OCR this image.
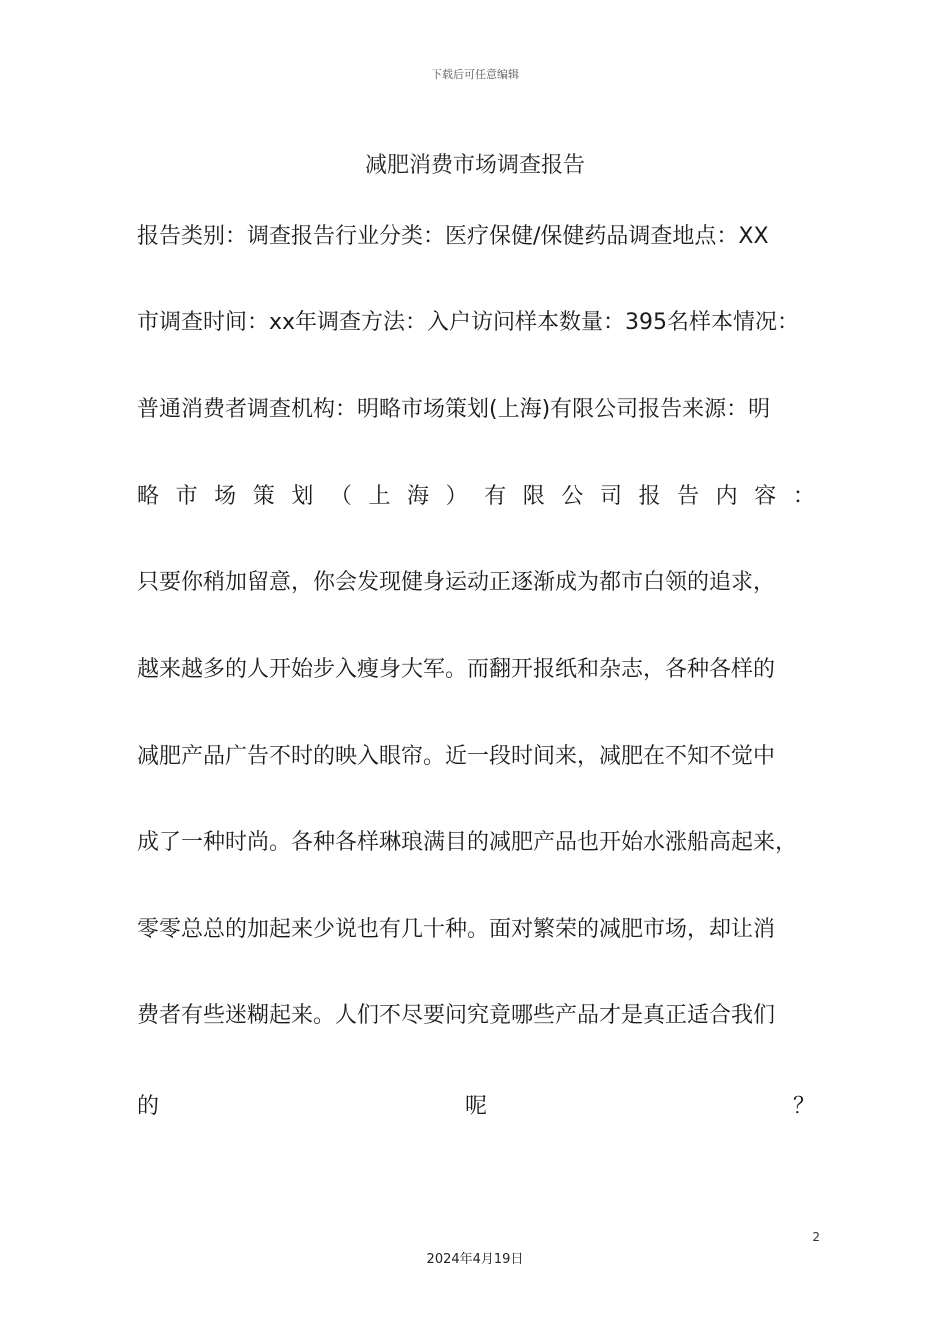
下载后可任意编辑
减肥消费市场调查报告
报告类别：调查报告行业分类：医疗保健/保健药品调查地点：XX
市调查时间：xx年调查方法：入户访问样本数量：395名样本情况：
普通消费者调查机构：明略市场策划(上海)有限公司报告来源：明
略 市 场 策 划 （ 上 海 ） 有 限 公 司 报 告 内 容 ：
只要你稍加留意，你会发现健身运动正逐渐成为都市白领的追求，
越来越多的人开始步入瘦身大军。而翻开报纸和杂志，各种各样的
减肥产品广告不时的映入眼帘。近一段时间来，减肥在不知不觉中
成了一种时尚。各种各样琳琅满目的减肥产品也开始水涨船高起来，
零零总总的加起来少说也有几十种。面对繁荣的减肥市场，却让消
费者有些迷糊起来。人们不尽要问究竟哪些产品才是真正适合我们
的	呢	？
2
2024年4月19日
